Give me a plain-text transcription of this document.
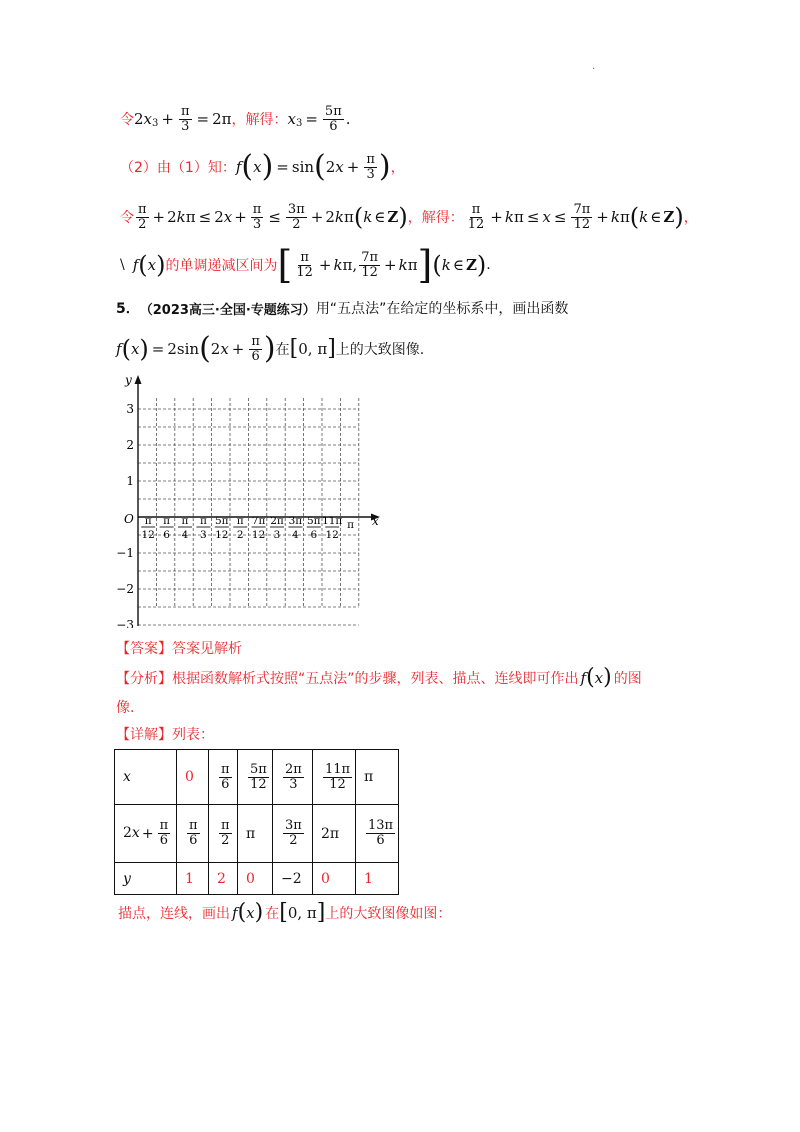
·
令 2 x $3 + \frac{\pi}{3} = 2\pi$ ，解得： x $3 = \frac{5\pi}{6}$ .
（2）由（1）知： f ( x ) = sin ( 2 $x + \frac{\pi}{3}$ ) ，
令 $\frac{\pi}{2} + 2$ k π ≤ 2 $x + \frac{\pi}{3} \le \frac{3\pi}{2} + 2$ k π ( k ∈ Z ) ，解得： $\frac{\pi}{12} + k$ $\pi \le x \le \frac{7\pi}{12} + k$ π ( k ∈ Z ) ，
\ f ( x ) 的单调递减区间为 [ $\frac{\pi}{12} + k$ π, $\frac{7\pi}{12} + k$ π ] ( k ∈ Z ) .
5． （2023高三·全国·专题练习） 用“五点法”在给定的坐标系中，画出函数
f ( x ) = 2sin ( 2 $x + \frac{\pi}{6}$ ) 在 [ 0, π ] 上的大致图像.
y
x
O
3
2
1
−1
−2
−3
π
12
π
6
π
4
π
3
5π
12
π
2
7π
12
2π
3
3π
4
5π
6
11π
12
π
【答案】 答案见解析
【分析】 根据函数解析式按照“五点法”的步骤，列表、描点、连线即可作出 f ( x ) 的图
像.
【详解】 列表：
x	0	$\frac{\pi}{6}$	$\frac{5\pi}{12}$	$\frac{2\pi}{3}$	$\frac{11\pi}{12}$	π
$2x + \frac{\pi}{6}$	$\frac{\pi}{6}$	$\frac{\pi}{2}$	π	$\frac{3\pi}{2}$	2π	$\frac{13\pi}{6}$

y	1	2	0	−2	0	1
描点，连线，画出 f ( x ) 在 [ 0, π ] 上的大致图像如图：
